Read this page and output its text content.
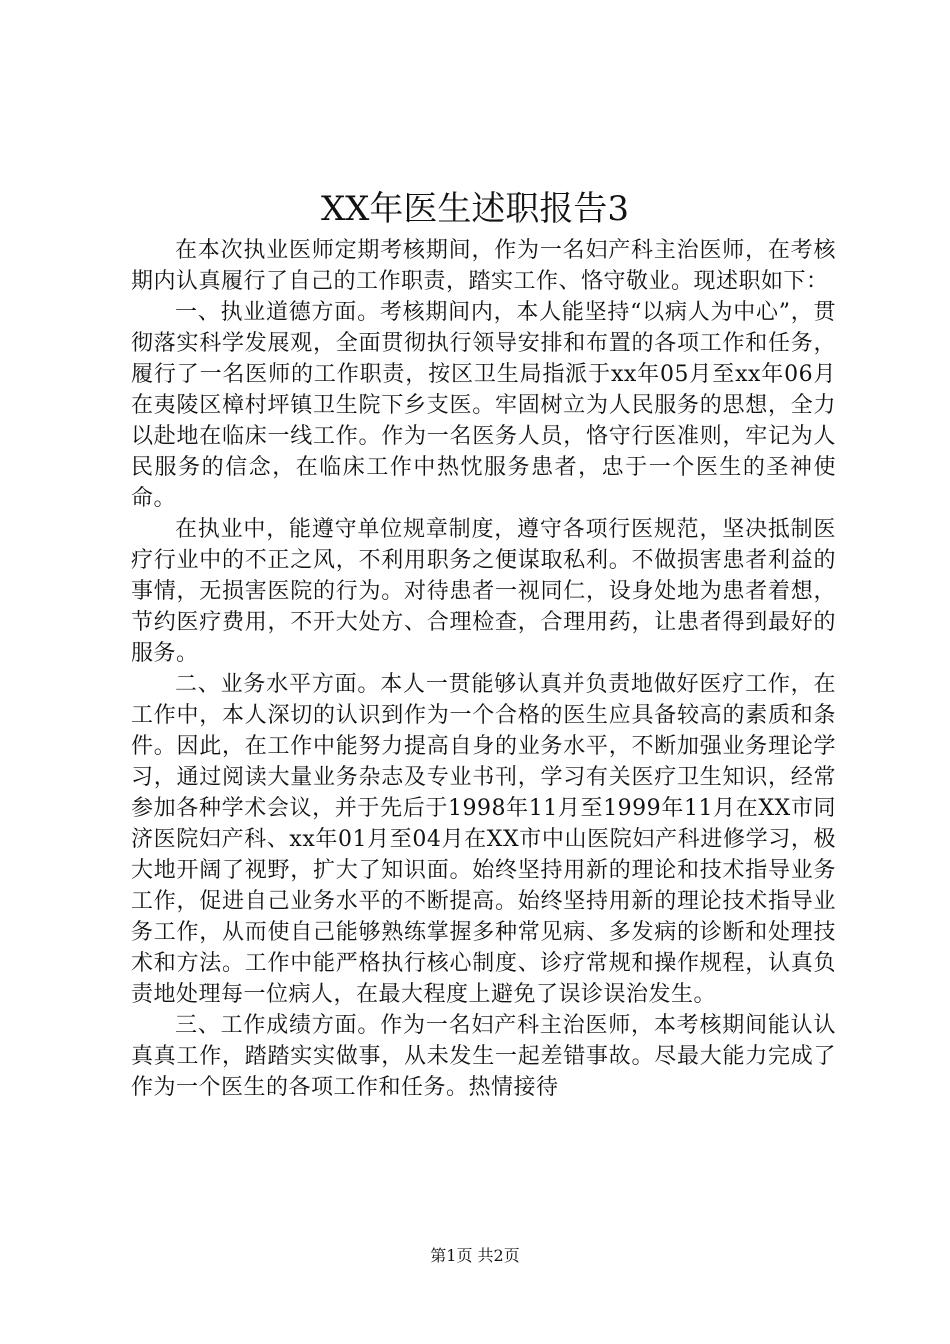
XX年医生述职报告3

在本次执业医师定期考核期间，作为一名妇产科主治医师，在考核期内认真履行了自己的工作职责，踏实工作、恪守敬业。现述职如下：

一、执业道德方面。考核期间内，本人能坚持“以病人为中心”，贯彻落实科学发展观，全面贯彻执行领导安排和布置的各项工作和任务，履行了一名医师的工作职责，按区卫生局指派于xx年05月至xx年06月在夷陵区樟村坪镇卫生院下乡支医。牢固树立为人民服务的思想，全力以赴地在临床一线工作。作为一名医务人员，恪守行医准则，牢记为人民服务的信念，在临床工作中热忱服务患者，忠于一个医生的圣神使命。

在执业中，能遵守单位规章制度，遵守各项行医规范，坚决抵制医疗行业中的不正之风，不利用职务之便谋取私利。不做损害患者利益的事情，无损害医院的行为。对待患者一视同仁，设身处地为患者着想，节约医疗费用，不开大处方、合理检查，合理用药，让患者得到最好的服务。

二、业务水平方面。本人一贯能够认真并负责地做好医疗工作，在工作中，本人深切的认识到作为一个合格的医生应具备较高的素质和条件。因此，在工作中能努力提高自身的业务水平，不断加强业务理论学习，通过阅读大量业务杂志及专业书刊，学习有关医疗卫生知识，经常参加各种学术会议，并于先后于1998年11月至1999年11月在XX市同济医院妇产科、xx年01月至04月在XX市中山医院妇产科进修学习，极大地开阔了视野，扩大了知识面。始终坚持用新的理论和技术指导业务工作，促进自己业务水平的不断提高。始终坚持用新的理论技术指导业务工作，从而使自己能够熟练掌握多种常见病、多发病的诊断和处理技术和方法。工作中能严格执行核心制度、诊疗常规和操作规程，认真负责地处理每一位病人，在最大程度上避免了误诊误治发生。

三、工作成绩方面。作为一名妇产科主治医师，本考核期间能认认真真工作，踏踏实实做事，从未发生一起差错事故。尽最大能力完成了作为一个医生的各项工作和任务。热情接待

第1页 共2页
